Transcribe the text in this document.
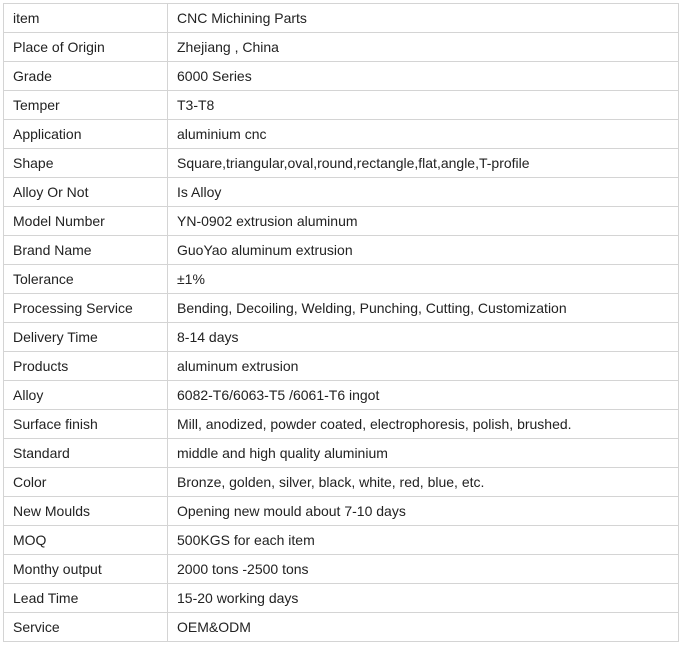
item	CNC Michining Parts
Place of Origin	Zhejiang , China
Grade	6000 Series
Temper	T3-T8
Application	aluminium cnc
Shape	Square,triangular,oval,round,rectangle,flat,angle,T-profile
Alloy Or Not	Is Alloy
Model Number	YN-0902 extrusion aluminum
Brand Name	GuoYao aluminum extrusion
Tolerance	±1%
Processing Service	Bending, Decoiling, Welding, Punching, Cutting, Customization
Delivery Time	8-14 days
Products	aluminum extrusion
Alloy	6082-T6/6063-T5 /6061-T6 ingot
Surface finish	Mill, anodized, powder coated, electrophoresis, polish, brushed.
Standard	middle and high quality aluminium
Color	Bronze, golden, silver, black, white, red, blue, etc.
New Moulds	Opening new mould about 7-10 days
MOQ	500KGS for each item
Monthy output	2000 tons -2500 tons
Lead Time	15-20 working days
Service	OEM&ODM
